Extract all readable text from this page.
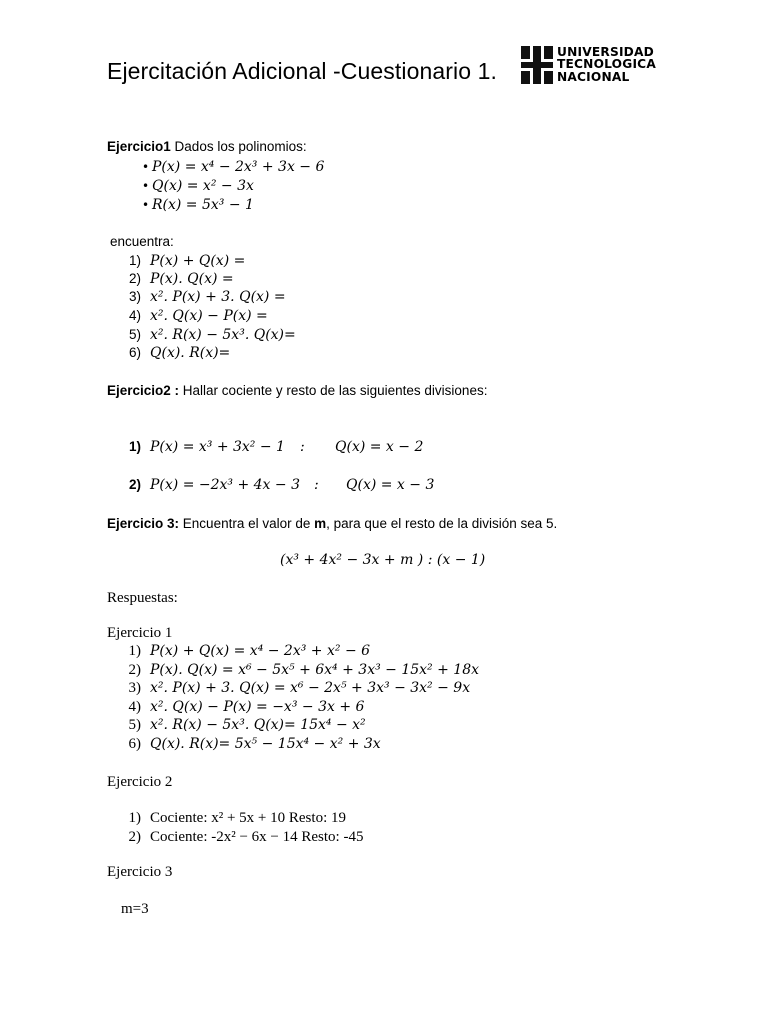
Ejercitación Adicional -Cuestionario 1.
UNIVERSIDAD
TECNOLOGICA
NACIONAL
Ejercicio1 Dados los polinomios:
• P(x) = x⁴ − 2x³ + 3x − 6
• Q(x) = x² − 3x
• R(x) = 5x³ − 1
encuentra:
1) P(x) + Q(x) =
2) P(x). Q(x) =
3) x². P(x) + 3. Q(x) =
4) x². Q(x) − P(x) =
5) x². R(x) − 5x³. Q(x)=
6) Q(x). R(x)=
Ejercicio2 : Hallar cociente y resto de las siguientes divisiones:
1) P(x) = x³ + 3x² − 1 : Q(x) = x − 2
2) P(x) = −2x³ + 4x − 3 : Q(x) = x − 3
Ejercicio 3: Encuentra el valor de m, para que el resto de la división sea 5.
(x³ + 4x² − 3x + m ) : (x − 1)
Respuestas:
Ejercicio 1
1) P(x) + Q(x) = x⁴ − 2x³ + x² − 6
2) P(x). Q(x) = x⁶ − 5x⁵ + 6x⁴ + 3x³ − 15x² + 18x
3) x². P(x) + 3. Q(x) = x⁶ − 2x⁵ + 3x³ − 3x² − 9x
4) x². Q(x) − P(x) = −x³ − 3x + 6
5) x². R(x) − 5x³. Q(x)= 15x⁴ − x²
6) Q(x). R(x)= 5x⁵ − 15x⁴ − x² + 3x
Ejercicio 2
1) Cociente: x² + 5x + 10 Resto: 19
2) Cociente: -2x² − 6x − 14 Resto: -45
Ejercicio 3
m=3
